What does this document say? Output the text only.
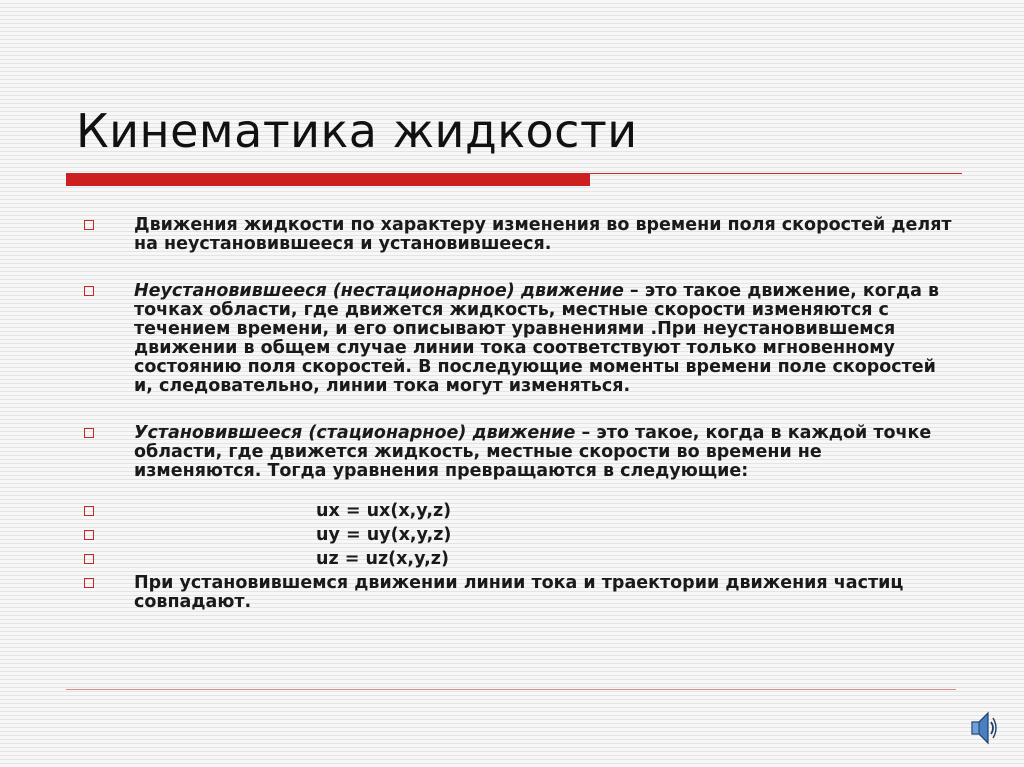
Кинематика жидкости
Движения жидкости по характеру изменения во времени поля скоростей делят на неустановившееся и установившееся.
Неустановившееся (нестационарное) движение – это такое движение, когда в точках области, где движется жидкость, местные скорости изменяются с течением времени, и его описывают уравнениями .При неустановившемся движении в общем случае линии тока соответствуют только мгновенному состоянию поля скоростей. В последующие моменты времени поле скоростей и, следовательно, линии тока могут изменяться.
Установившееся (стационарное) движение – это такое, когда в каждой точке области, где движется жидкость, местные скорости во времени не изменяются. Тогда уравнения превращаются в следующие:
ux = ux(x,y,z)
uy = uy(x,y,z)
uz = uz(x,y,z)
При установившемся движении линии тока и траектории движения частиц совпадают.
